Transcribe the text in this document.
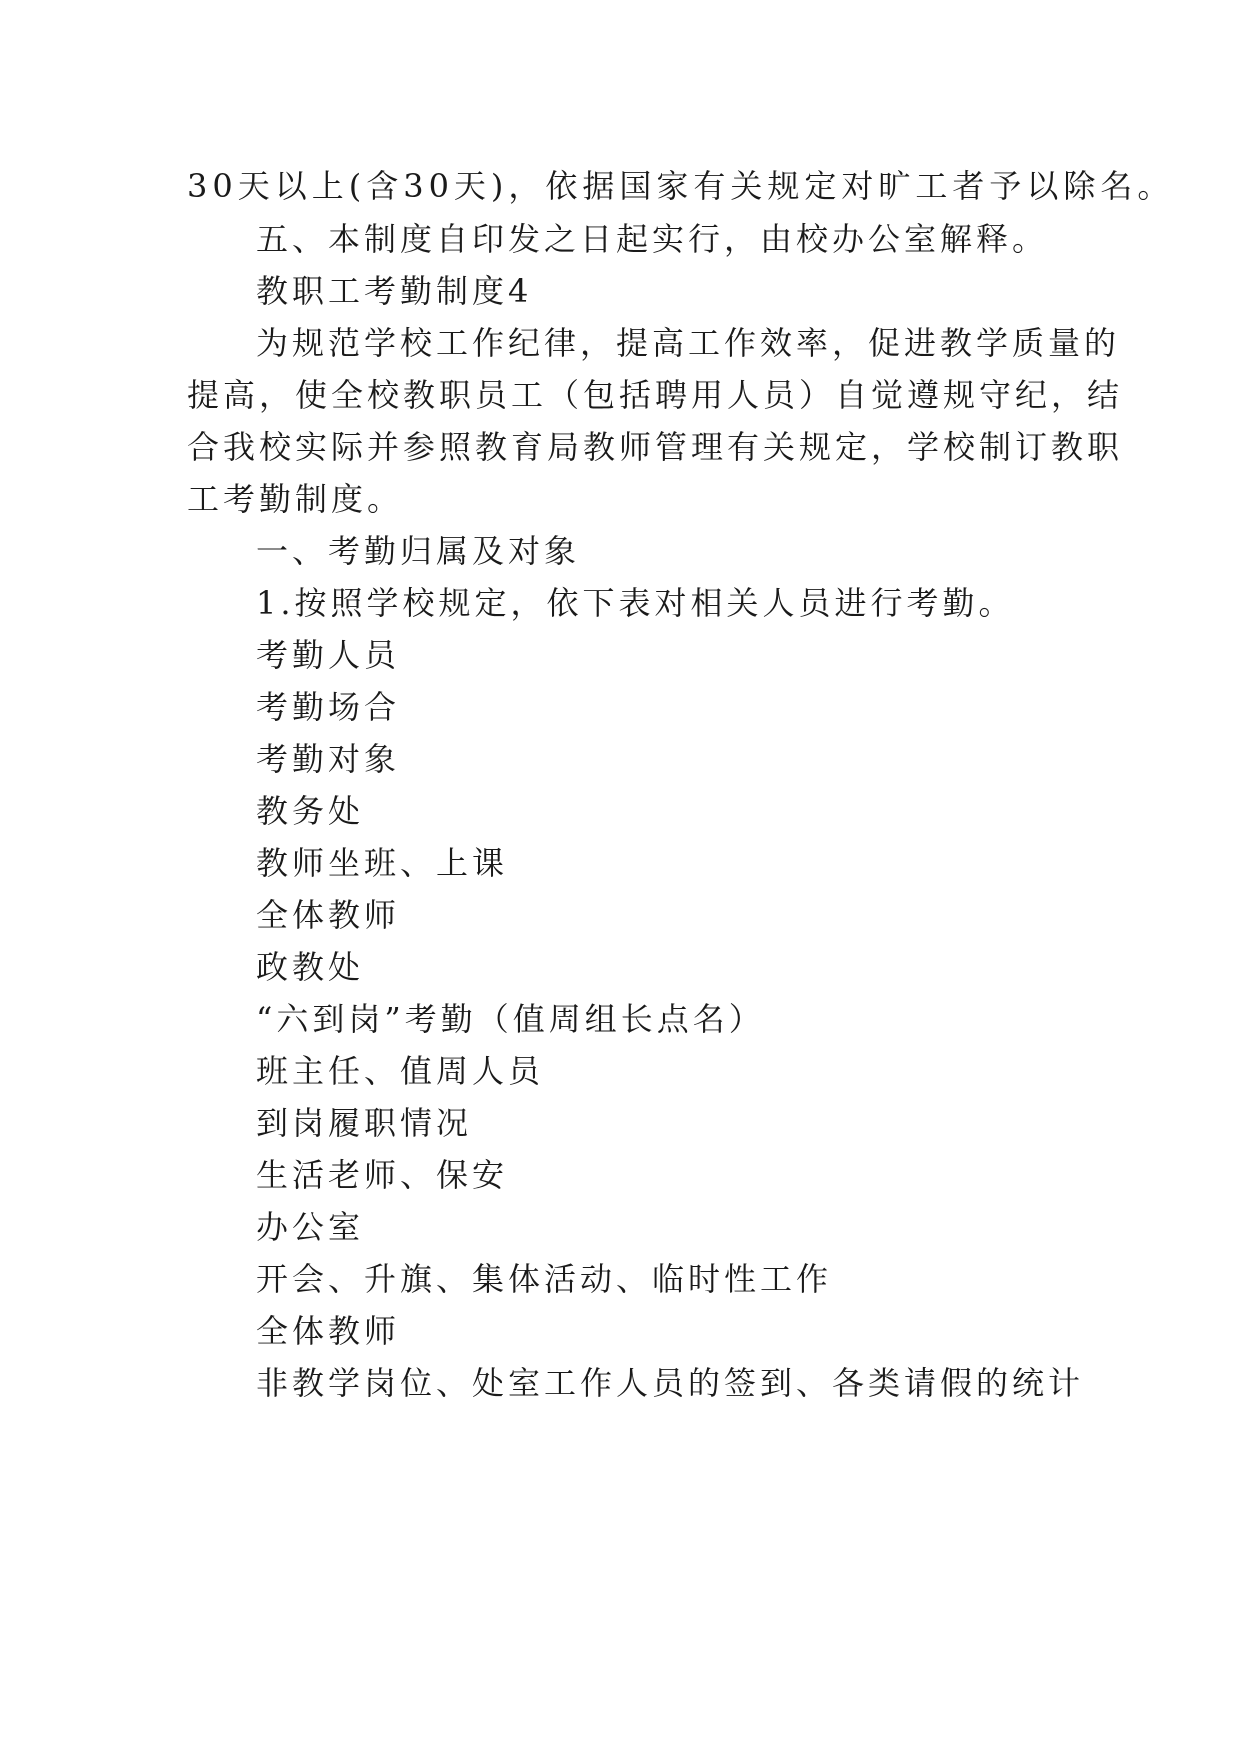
30天以上(含30天)，依据国家有关规定对旷工者予以除名。
五、本制度自印发之日起实行，由校办公室解释。
教职工考勤制度4
为规范学校工作纪律，提高工作效率，促进教学质量的
提高，使全校教职员工（包括聘用人员）自觉遵规守纪，结
合我校实际并参照教育局教师管理有关规定，学校制订教职
工考勤制度。
一、考勤归属及对象
1.按照学校规定，依下表对相关人员进行考勤。
考勤人员
考勤场合
考勤对象
教务处
教师坐班、上课
全体教师
政教处
“六到岗”考勤（值周组长点名）
班主任、值周人员
到岗履职情况
生活老师、保安
办公室
开会、升旗、集体活动、临时性工作
全体教师
非教学岗位、处室工作人员的签到、各类请假的统计
